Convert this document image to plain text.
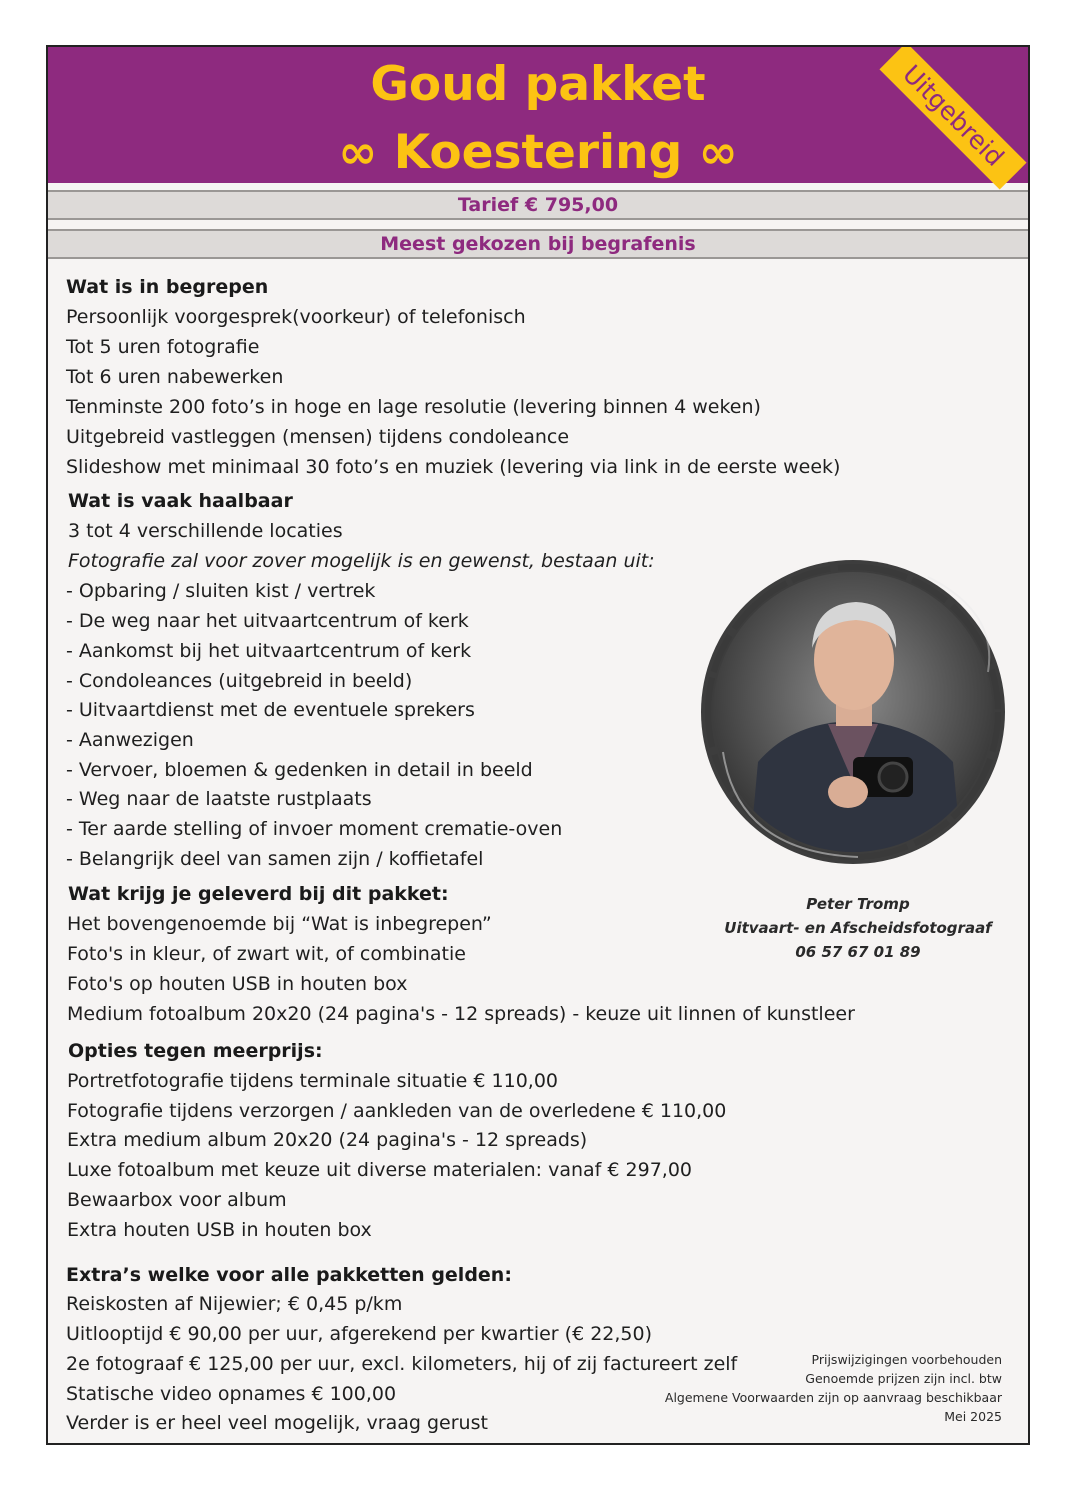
Goud pakket
∞ Koestering ∞	Uitgebreid
Tarief € 795,00
Meest gekozen bij begrafenis
Wat is in begrepen
Persoonlijk voorgesprek(voorkeur) of telefonisch
Tot 5 uren fotografie
Tot 6 uren nabewerken
Tenminste 200 foto’s in hoge en lage resolutie (levering binnen 4 weken)
Uitgebreid vastleggen (mensen) tijdens condoleance
Slideshow met minimaal 30 foto’s en muziek (levering via link in de eerste week)
Wat is vaak haalbaar
3 tot 4 verschillende locaties
Fotografie zal voor zover mogelijk is en gewenst, bestaan uit:
- Opbaring / sluiten kist / vertrek
- De weg naar het uitvaartcentrum of kerk
- Aankomst bij het uitvaartcentrum of kerk
- Condoleances (uitgebreid in beeld)
- Uitvaartdienst met de eventuele sprekers
- Aanwezigen
- Vervoer, bloemen & gedenken in detail in beeld
- Weg naar de laatste rustplaats
- Ter aarde stelling of invoer moment crematie-oven
- Belangrijk deel van samen zijn / koffietafel
Wat krijg je geleverd bij dit pakket:
Het bovengenoemde bij “Wat is inbegrepen”
Foto's in kleur, of zwart wit, of combinatie
Foto's op houten USB in houten box
Medium fotoalbum 20x20 (24 pagina's - 12 spreads) - keuze uit linnen of kunstleer
Opties tegen meerprijs:
Portretfotografie tijdens terminale situatie € 110,00
Fotografie tijdens verzorgen / aankleden van de overledene € 110,00
Extra medium album 20x20 (24 pagina's - 12 spreads)
Luxe fotoalbum met keuze uit diverse materialen: vanaf € 297,00
Bewaarbox voor album
Extra houten USB in houten box
Extra’s welke voor alle pakketten gelden:
Reiskosten af Nijewier; € 0,45 p/km
Uitlooptijd € 90,00 per uur, afgerekend per kwartier (€ 22,50)
2e fotograaf € 125,00 per uur, excl. kilometers, hij of zij factureert zelf
Statische video opnames € 100,00
Verder is er heel veel mogelijk, vraag gerust
Peter Tromp
Uitvaart- en Afscheidsfotograaf
06 57 67 01 89
Prijswijzigingen voorbehouden
Genoemde prijzen zijn incl. btw
Algemene Voorwaarden zijn op aanvraag beschikbaar
Mei 2025
